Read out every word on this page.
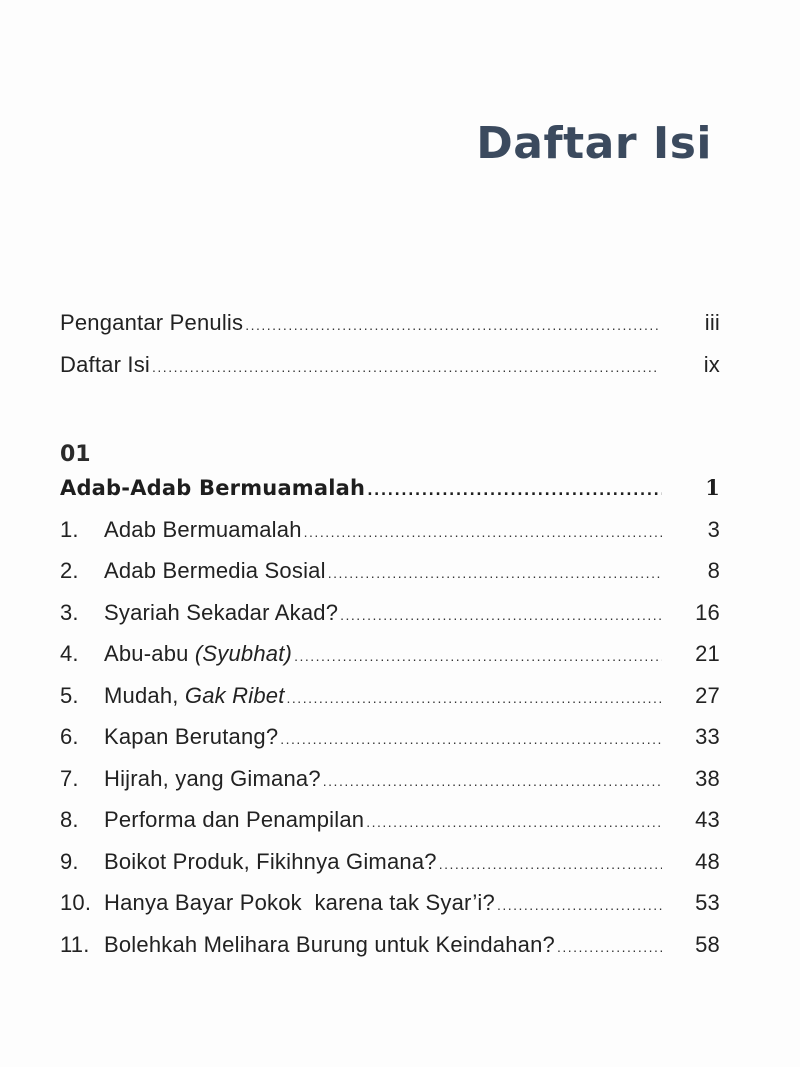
Daftar Isi
Pengantar Penulis .....	iii
Daftar Isi .....	ix
01
Adab-Adab Bermuamalah .....	1
1.	Adab Bermuamalah .....	3
2.	Adab Bermedia Sosial .....	8
3.	Syariah Sekadar Akad? .....	16
4.	Abu-abu (Syubhat) .....	21
5.	Mudah, Gak Ribet .....	27
6.	Kapan Berutang? .....	33
7.	Hijrah, yang Gimana? .....	38
8.	Performa dan Penampilan .....	43
9.	Boikot Produk, Fikihnya Gimana? .....	48
10. Hanya Bayar Pokok  karena tak Syar’i? .....	53
11. Bolehkah Melihara Burung untuk Keindahan? .....	58
